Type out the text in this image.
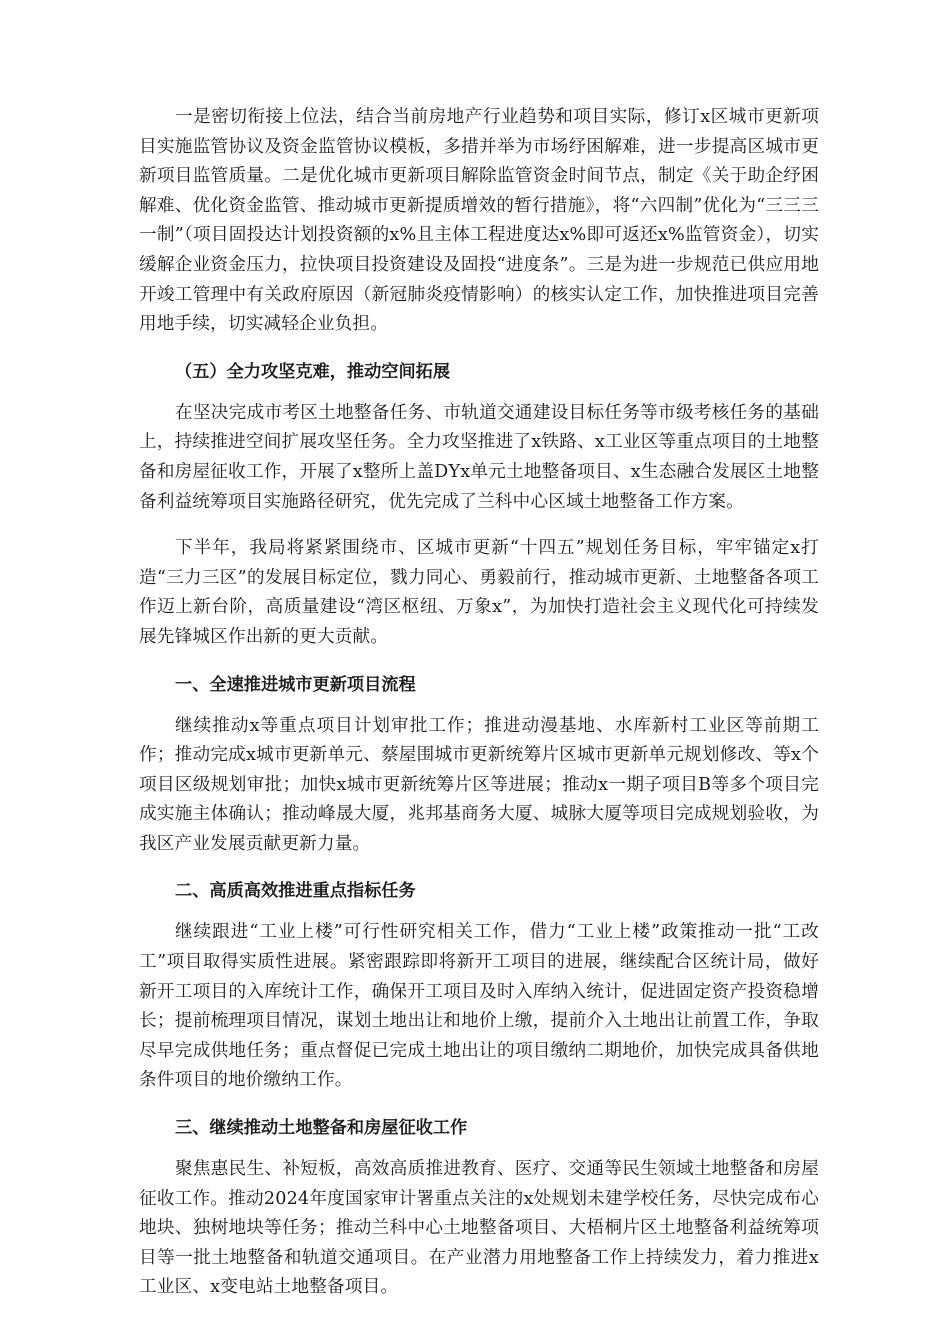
一是密切衔接上位法，结合当前房地产行业趋势和项目实际，修订x区城市更新项目实施监管协议及资金监管协议模板，多措并举为市场纾困解难，进一步提高区城市更新项目监管质量。二是优化城市更新项目解除监管资金时间节点，制定《关于助企纾困解难、优化资金监管、推动城市更新提质增效的暂行措施》，将“六四制”优化为“三三三一制”（项目固投达计划投资额的x%且主体工程进度达x%即可返还x%监管资金），切实缓解企业资金压力，拉快项目投资建设及固投“进度条”。三是为进一步规范已供应用地开竣工管理中有关政府原因（新冠肺炎疫情影响）的核实认定工作，加快推进项目完善用地手续，切实减轻企业负担。

（五）全力攻坚克难，推动空间拓展

在坚决完成市考区土地整备任务、市轨道交通建设目标任务等市级考核任务的基础上，持续推进空间扩展攻坚任务。全力攻坚推进了x铁路、x工业区等重点项目的土地整备和房屋征收工作，开展了x整所上盖DYx单元土地整备项目、x生态融合发展区土地整备利益统筹项目实施路径研究，优先完成了兰科中心区域土地整备工作方案。

下半年，我局将紧紧围绕市、区城市更新“十四五”规划任务目标，牢牢锚定x打造“三力三区”的发展目标定位，戮力同心、勇毅前行，推动城市更新、土地整备各项工作迈上新台阶，高质量建设“湾区枢纽、万象x”，为加快打造社会主义现代化可持续发展先锋城区作出新的更大贡献。

一、全速推进城市更新项目流程

继续推动x等重点项目计划审批工作；推进动漫基地、水库新村工业区等前期工作；推动完成x城市更新单元、蔡屋围城市更新统筹片区城市更新单元规划修改、等x个项目区级规划审批；加快x城市更新统筹片区等进展；推动x一期子项目B等多个项目完成实施主体确认；推动峰晟大厦，兆邦基商务大厦、城脉大厦等项目完成规划验收，为我区产业发展贡献更新力量。

二、高质高效推进重点指标任务

继续跟进“工业上楼”可行性研究相关工作，借力“工业上楼”政策推动一批“工改工”项目取得实质性进展。紧密跟踪即将新开工项目的进展，继续配合区统计局，做好新开工项目的入库统计工作，确保开工项目及时入库纳入统计，促进固定资产投资稳增长；提前梳理项目情况，谋划土地出让和地价上缴，提前介入土地出让前置工作，争取尽早完成供地任务；重点督促已完成土地出让的项目缴纳二期地价，加快完成具备供地条件项目的地价缴纳工作。

三、继续推动土地整备和房屋征收工作

聚焦惠民生、补短板，高效高质推进教育、医疗、交通等民生领域土地整备和房屋征收工作。推动2024年度国家审计署重点关注的x处规划未建学校任务，尽快完成布心地块、独树地块等任务；推动兰科中心土地整备项目、大梧桐片区土地整备利益统筹项目等一批土地整备和轨道交通项目。在产业潜力用地整备工作上持续发力，着力推进x工业区、x变电站土地整备项目。
